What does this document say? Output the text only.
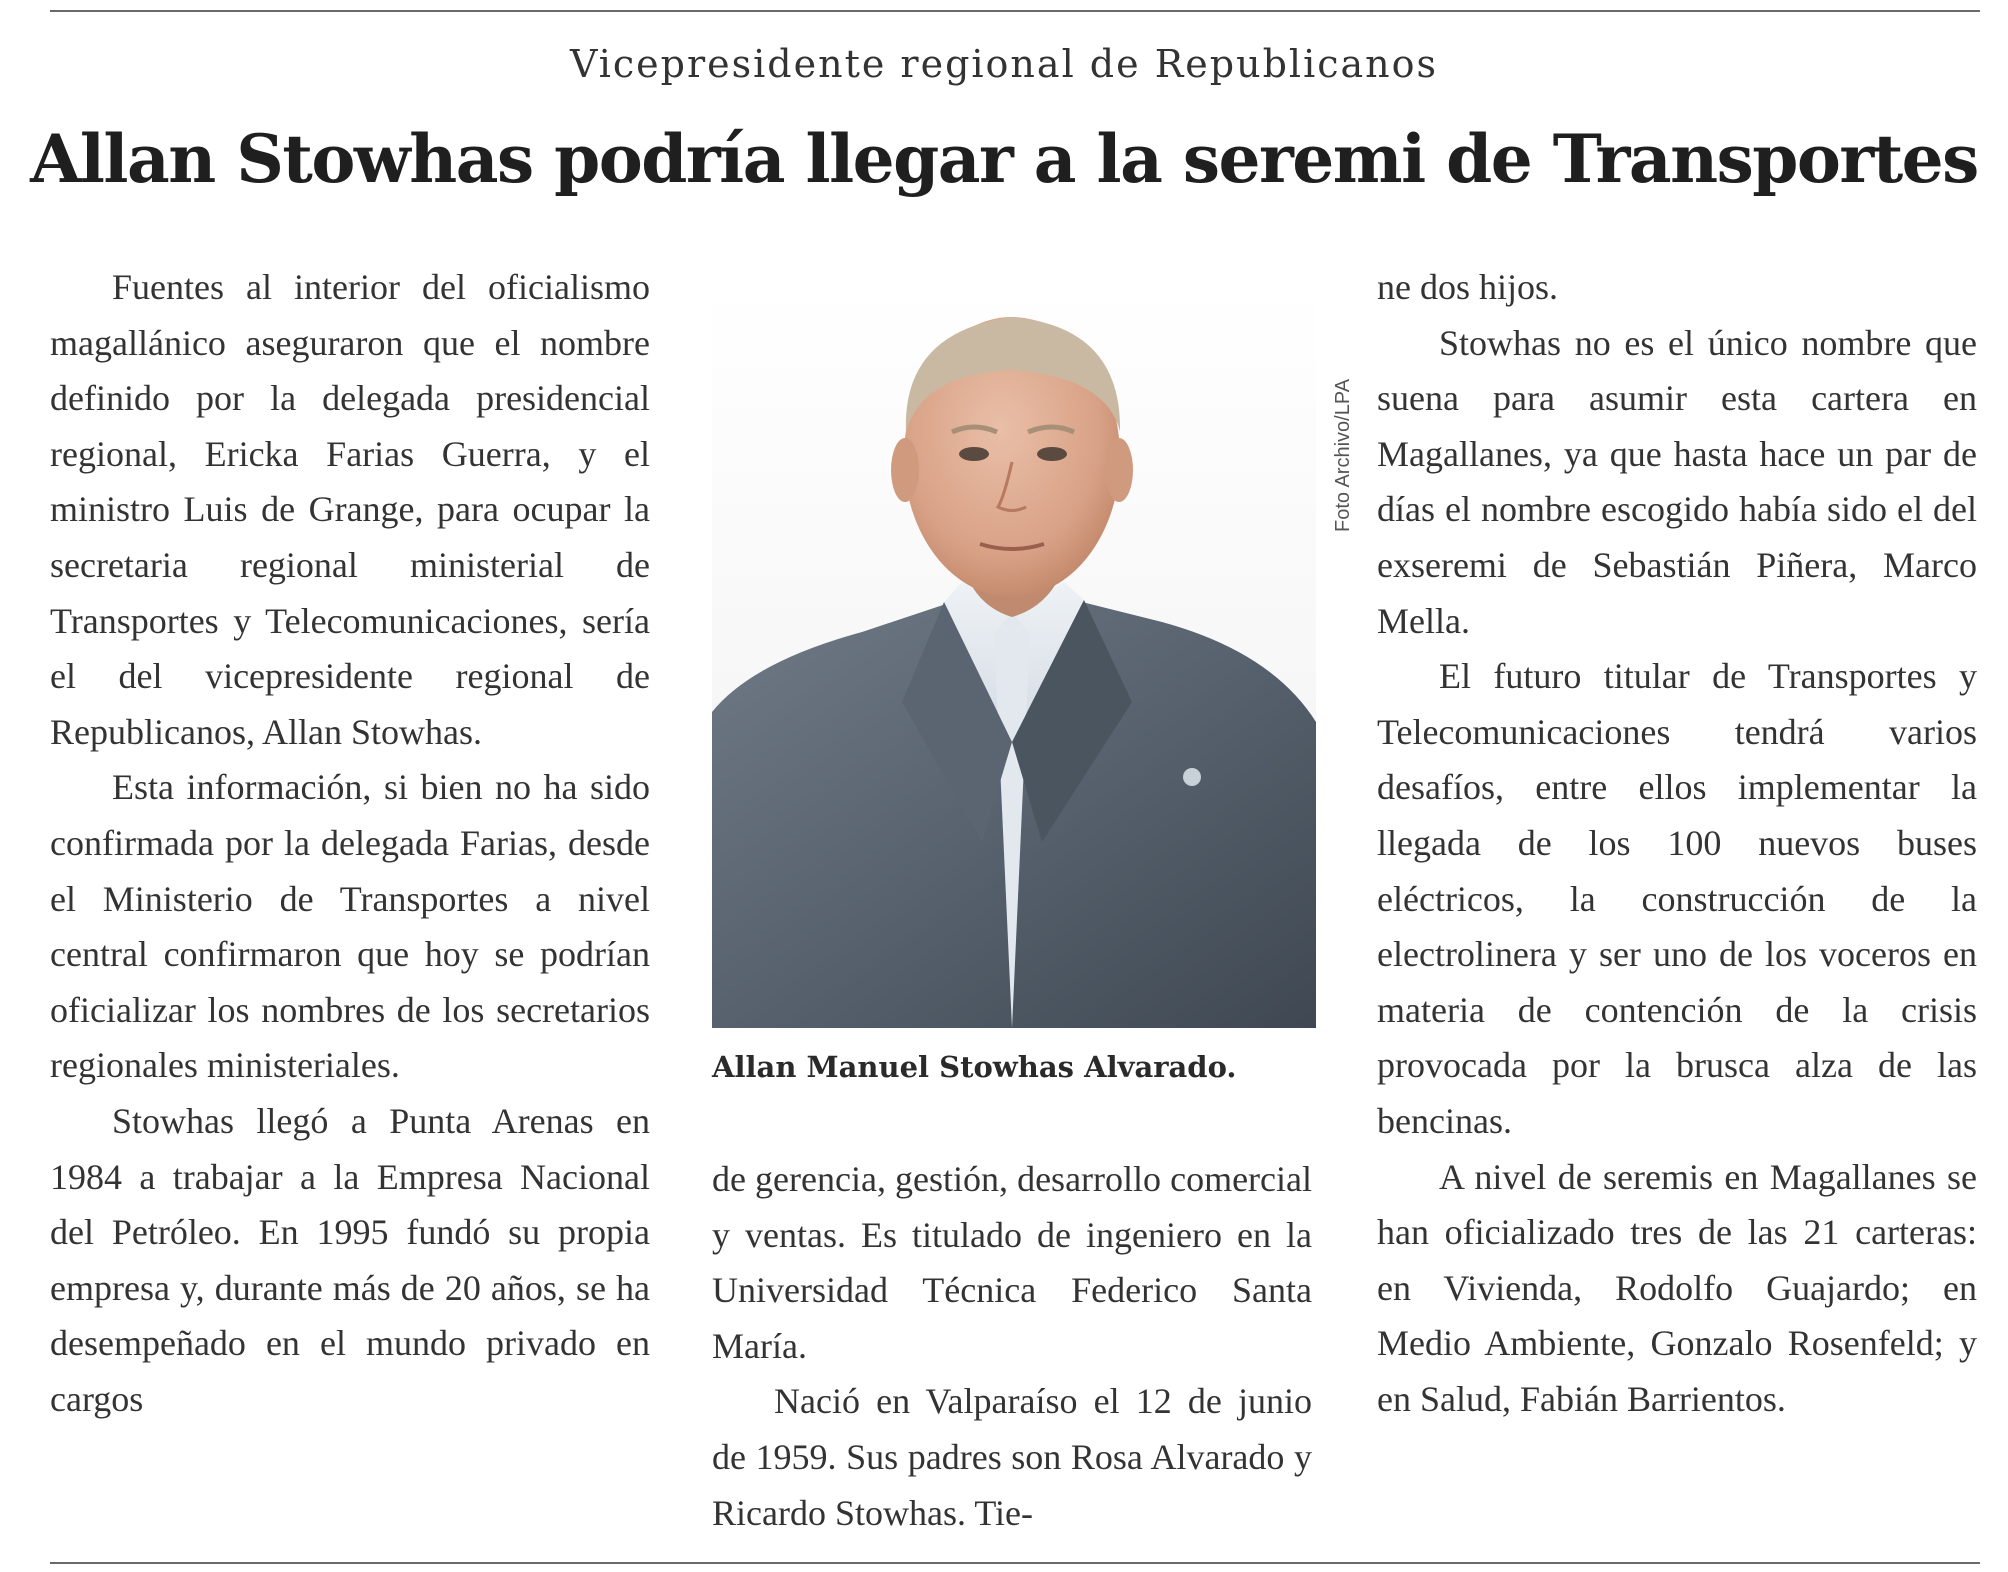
Vicepresidente regional de Republicanos
Allan Stowhas podría llegar a la seremi de Transportes

Fuentes al interior del oficialismo magallánico aseguraron que el nombre definido por la delegada presidencial regional, Ericka Farias Guerra, y el ministro Luis de Grange, para ocupar la secretaria regional ministerial de Transportes y Telecomunicaciones, sería el del vicepresidente regional de Republicanos, Allan Stowhas.

Esta información, si bien no ha sido confirmada por la delegada Farias, desde el Ministerio de Transportes a nivel central confirmaron que hoy se podrían oficializar los nombres de los secretarios regionales ministeriales.

Stowhas llegó a Punta Arenas en 1984 a trabajar a la Empresa Nacional del Petróleo. En 1995 fundó su propia empresa y, durante más de 20 años, se ha desempeñado en el mundo privado en cargos

Foto Archivo/LPA
Allan Manuel Stowhas Alvarado.

de gerencia, gestión, desarrollo comercial y ventas. Es titulado de ingeniero en la Universidad Técnica Federico Santa María.

Nació en Valparaíso el 12 de junio de 1959. Sus padres son Rosa Alvarado y Ricardo Stowhas. Tie-

ne dos hijos.

Stowhas no es el único nombre que suena para asumir esta cartera en Magallanes, ya que hasta hace un par de días el nombre escogido había sido el del exseremi de Sebastián Piñera, Marco Mella.

El futuro titular de Transportes y Telecomunicaciones tendrá varios desafíos, entre ellos implementar la llegada de los 100 nuevos buses eléctricos, la construcción de la electrolinera y ser uno de los voceros en materia de contención de la crisis provocada por la brusca alza de las bencinas.

A nivel de seremis en Magallanes se han oficializado tres de las 21 carteras: en Vivienda, Rodolfo Guajardo; en Medio Ambiente, Gonzalo Rosenfeld; y en Salud, Fabián Barrientos.
